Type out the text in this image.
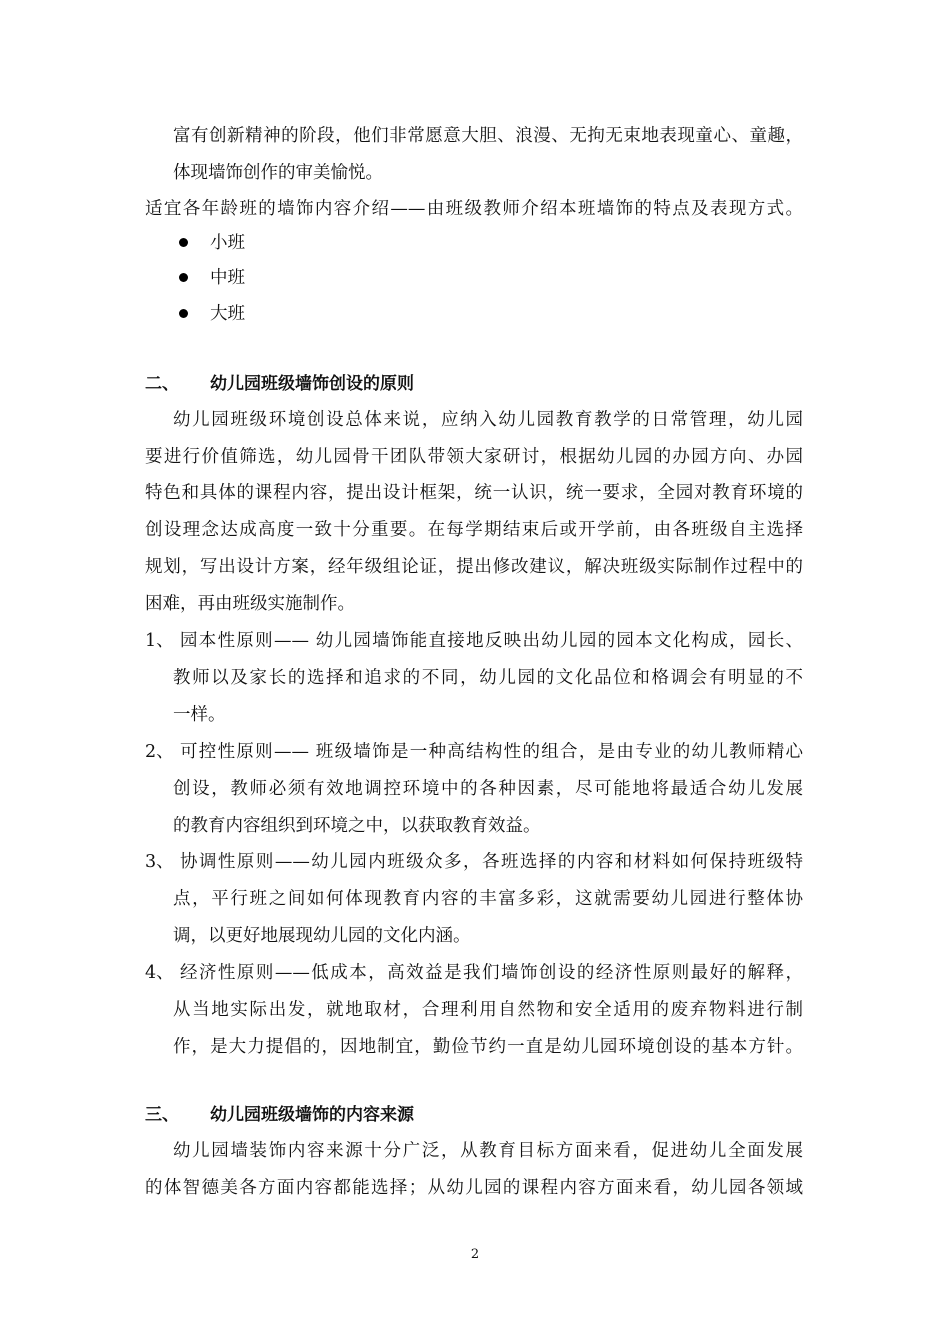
富有创新精神的阶段，他们非常愿意大胆、浪漫、无拘无束地表现童心、童趣，
体现墙饰创作的审美愉悦。
适宜各年龄班的墙饰内容介绍——由班级教师介绍本班墙饰的特点及表现方式。
小班
中班
大班
二、 幼儿园班级墙饰创设的原则
幼儿园班级环境创设总体来说，应纳入幼儿园教育教学的日常管理，幼儿园
要进行价值筛选，幼儿园骨干团队带领大家研讨，根据幼儿园的办园方向、办园
特色和具体的课程内容，提出设计框架，统一认识，统一要求，全园对教育环境的
创设理念达成高度一致十分重要。在每学期结束后或开学前，由各班级自主选择
规划，写出设计方案，经年级组论证，提出修改建议，解决班级实际制作过程中的
困难，再由班级实施制作。
1、 园本性原则—— 幼儿园墙饰能直接地反映出幼儿园的园本文化构成，园长、
教师以及家长的选择和追求的不同，幼儿园的文化品位和格调会有明显的不
一样。
2、 可控性原则—— 班级墙饰是一种高结构性的组合，是由专业的幼儿教师精心
创设，教师必须有效地调控环境中的各种因素，尽可能地将最适合幼儿发展
的教育内容组织到环境之中，以获取教育效益。
3、 协调性原则——幼儿园内班级众多，各班选择的内容和材料如何保持班级特
点，平行班之间如何体现教育内容的丰富多彩，这就需要幼儿园进行整体协
调，以更好地展现幼儿园的文化内涵。
4、 经济性原则——低成本，高效益是我们墙饰创设的经济性原则最好的解释，
从当地实际出发，就地取材，合理利用自然物和安全适用的废弃物料进行制
作，是大力提倡的，因地制宜，勤俭节约一直是幼儿园环境创设的基本方针。
三、 幼儿园班级墙饰的内容来源
幼儿园墙装饰内容来源十分广泛，从教育目标方面来看，促进幼儿全面发展
的体智德美各方面内容都能选择；从幼儿园的课程内容方面来看，幼儿园各领域
2
